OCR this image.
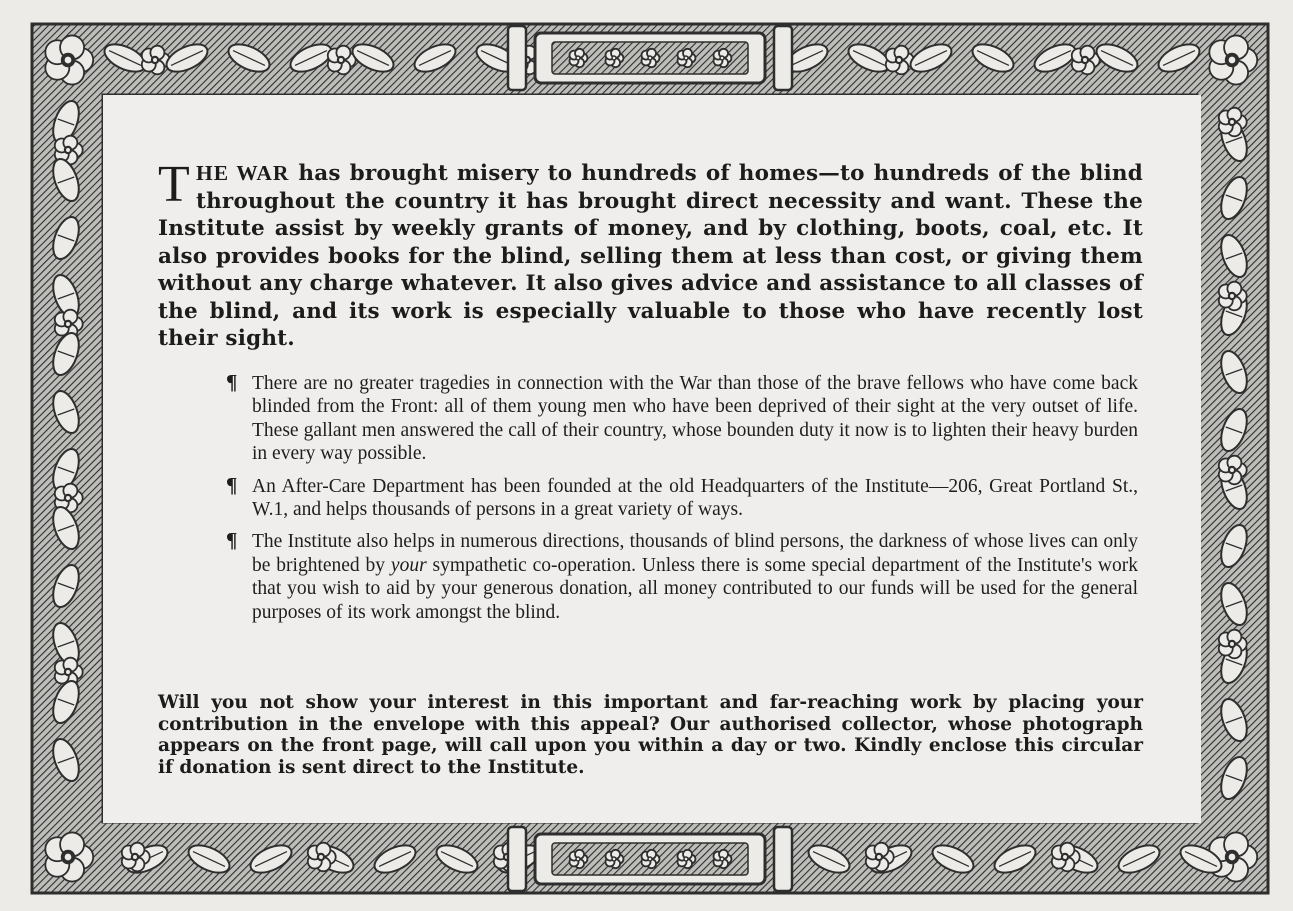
THE WAR has brought misery to hundreds of homes—to hundreds of the blind throughout the country it has brought direct necessity and want. These the Institute assist by weekly grants of money, and by clothing, boots, coal, etc. It also provides books for the blind, selling them at less than cost, or giving them without any charge whatever. It also gives advice and assistance to all classes of the blind, and its work is especially valuable to those who have recently lost their sight.
¶ There are no greater tragedies in connection with the War than those of the brave fellows who have come back blinded from the Front: all of them young men who have been deprived of their sight at the very outset of life. These gallant men answered the call of their country, whose bounden duty it now is to lighten their heavy burden in every way possible.
¶ An After-Care Department has been founded at the old Headquarters of the Institute—206, Great Portland St., W.1, and helps thousands of persons in a great variety of ways.
¶ The Institute also helps in numerous directions, thousands of blind persons, the darkness of whose lives can only be brightened by your sympathetic co-operation. Unless there is some special department of the Institute's work that you wish to aid by your generous donation, all money contributed to our funds will be used for the general purposes of its work amongst the blind.
Will you not show your interest in this important and far-reaching work by placing your contribution in the envelope with this appeal? Our authorised collector, whose photograph appears on the front page, will call upon you within a day or two. Kindly enclose this circular if donation is sent direct to the Institute.
